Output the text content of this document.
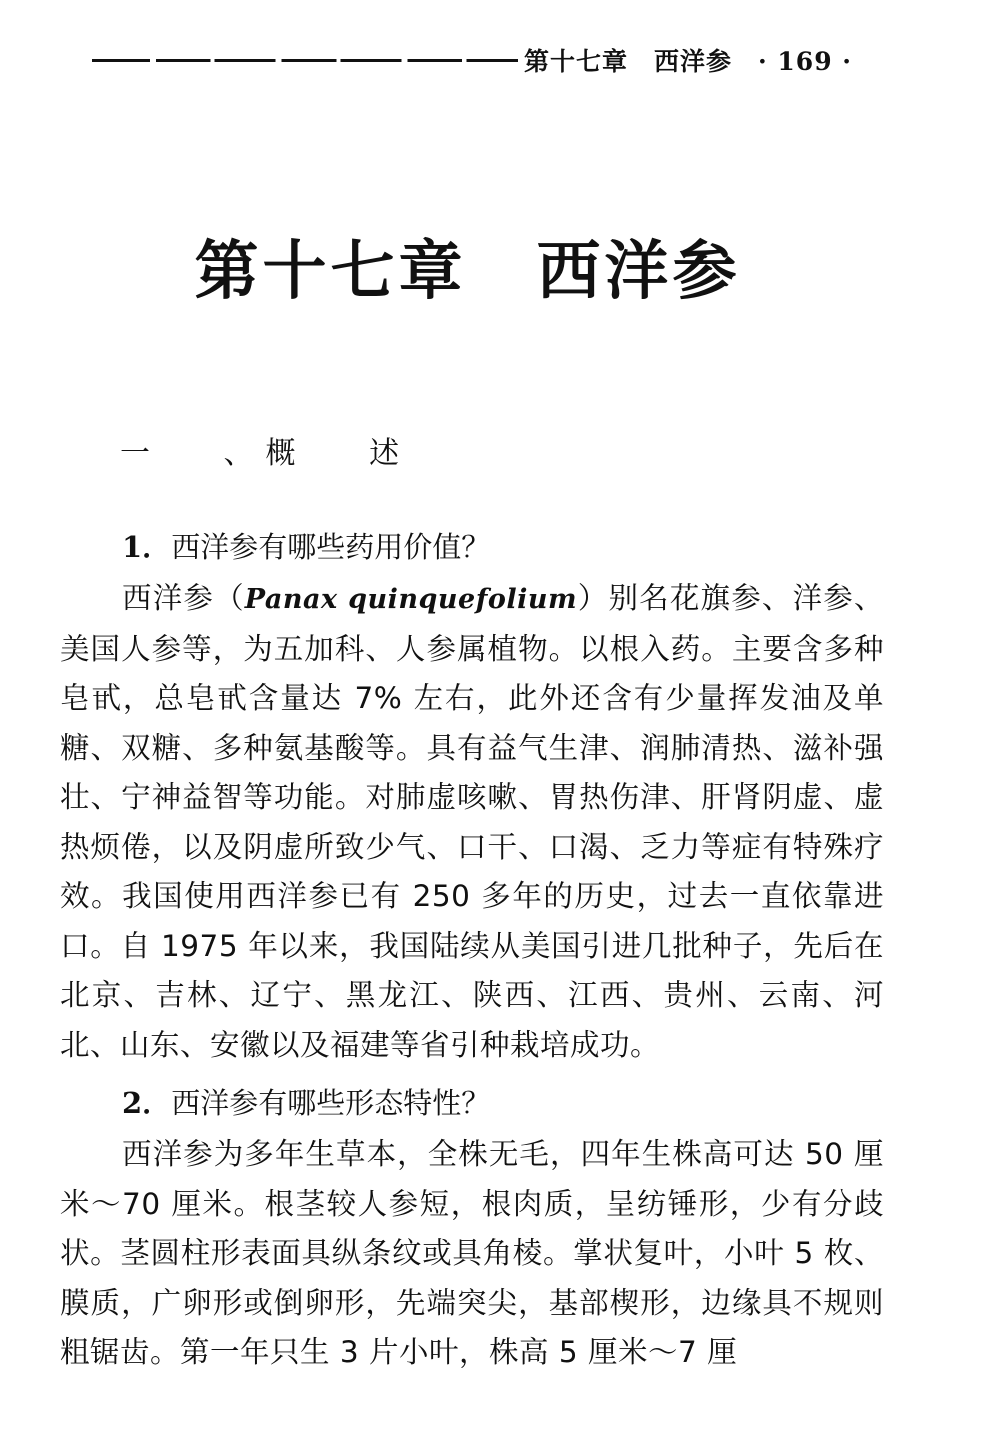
第十七章 西洋参 · 169 ·
第十七章 西洋参
一 、概 述

1．西洋参有哪些药用价值？

西洋参（Panax quinquefolium）别名花旗参、洋参、美国人参等，为五加科、人参属植物。以根入药。主要含多种皂甙，总皂甙含量达 7% 左右，此外还含有少量挥发油及单糖、双糖、多种氨基酸等。具有益气生津、润肺清热、滋补强壮、宁神益智等功能。对肺虚咳嗽、胃热伤津、肝肾阴虚、虚热烦倦，以及阴虚所致少气、口干、口渴、乏力等症有特殊疗效。我国使用西洋参已有 250 多年的历史，过去一直依靠进口。自 1975 年以来，我国陆续从美国引进几批种子，先后在北京、吉林、辽宁、黑龙江、陕西、江西、贵州、云南、河北、山东、安徽以及福建等省引种栽培成功。

2．西洋参有哪些形态特性？

西洋参为多年生草本，全株无毛，四年生株高可达 50 厘米～70 厘米。根茎较人参短，根肉质，呈纺锤形，少有分歧状。茎圆柱形表面具纵条纹或具角棱。掌状复叶，小叶 5 枚、膜质，广卵形或倒卵形，先端突尖，基部楔形，边缘具不规则粗锯齿。第一年只生 3 片小叶，株高 5 厘米～7 厘
